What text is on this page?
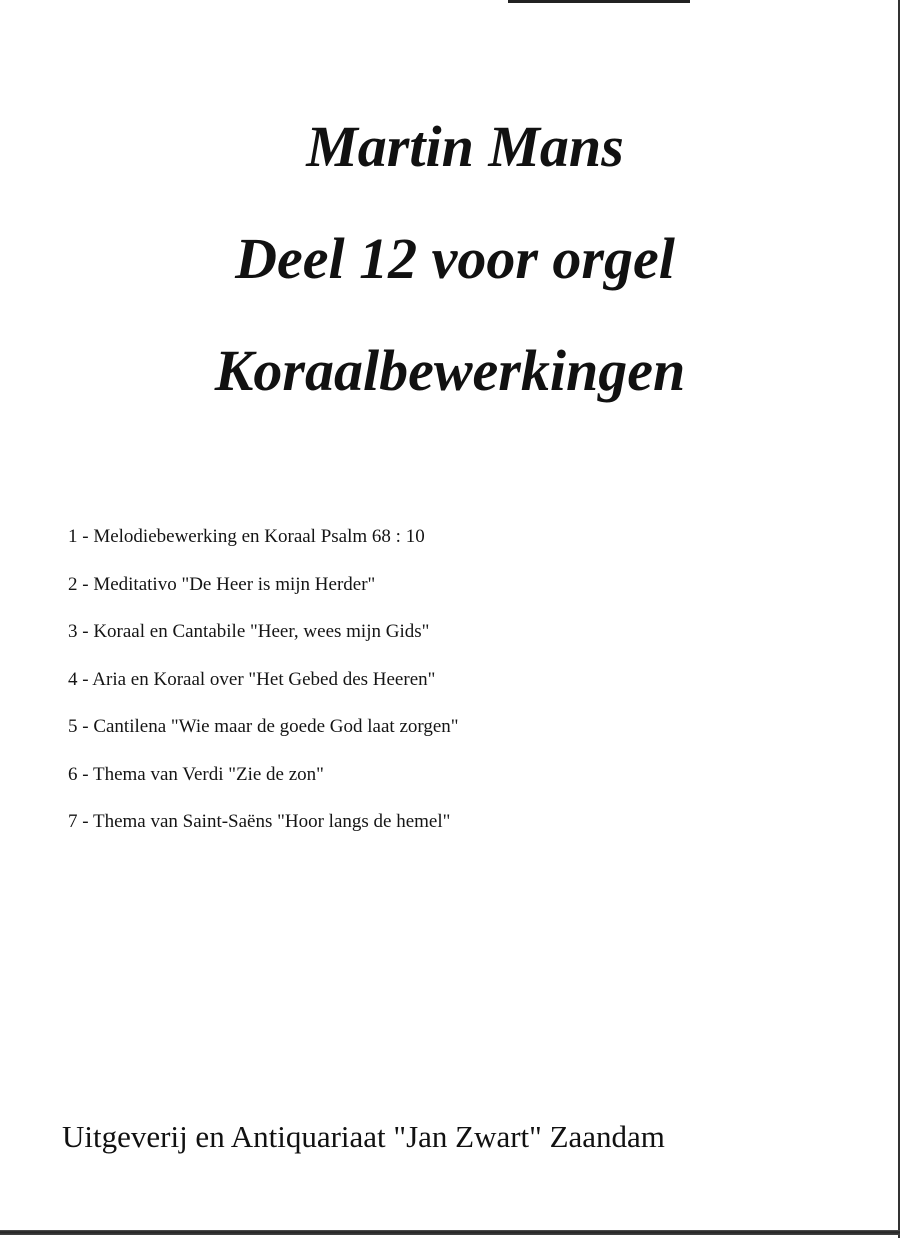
Martin Mans
Deel 12 voor orgel
Koraalbewerkingen
1 - Melodiebewerking en Koraal Psalm 68 : 10
2 - Meditativo "De Heer is mijn Herder"
3 - Koraal en Cantabile "Heer, wees mijn Gids"
4 - Aria en Koraal over "Het Gebed des Heeren"
5 - Cantilena "Wie maar de goede God laat zorgen"
6 - Thema van Verdi "Zie de zon"
7 - Thema van Saint-Saëns "Hoor langs de hemel"
Uitgeverij en Antiquariaat "Jan Zwart" Zaandam
